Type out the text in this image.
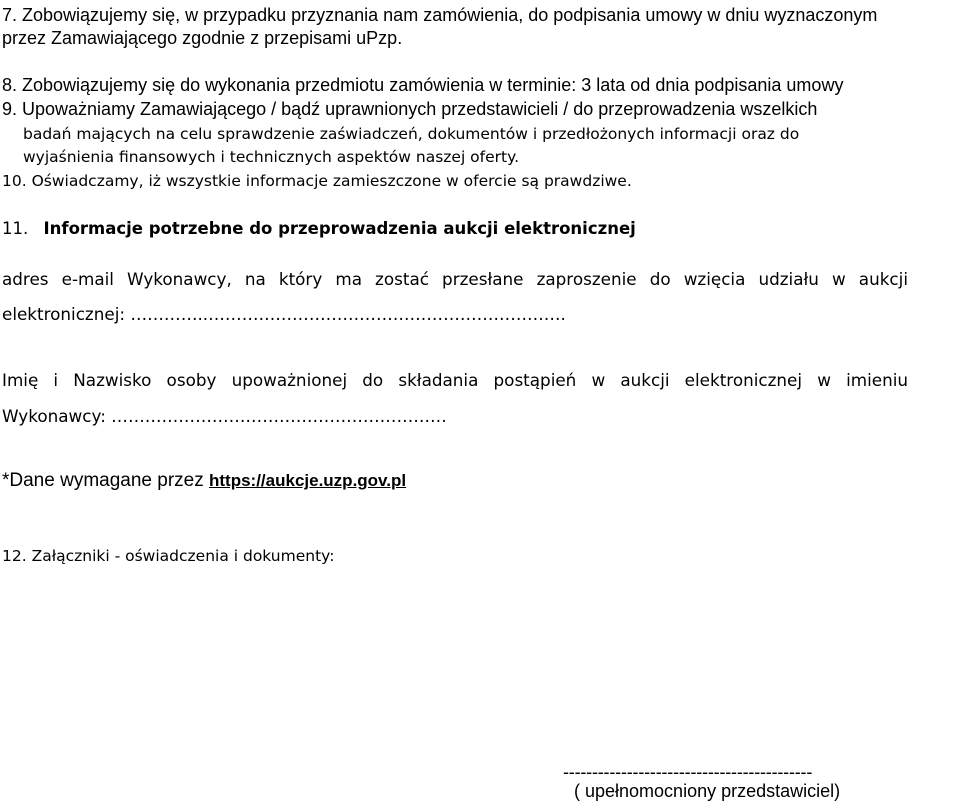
7. Zobowiązujemy się, w przypadku przyznania nam zamówienia, do podpisania umowy w dniu wyznaczonym
przez Zamawiającego zgodnie z przepisami uPzp.
8. Zobowiązujemy się do wykonania przedmiotu zamówienia w terminie: 3 lata od dnia podpisania umowy
9. Upoważniamy Zamawiającego / bądź uprawnionych przedstawicieli / do przeprowadzenia wszelkich
badań mających na celu sprawdzenie zaświadczeń, dokumentów i przedłożonych informacji oraz do
wyjaśnienia finansowych i technicznych aspektów naszej oferty.
10. Oświadczamy, iż wszystkie informacje zamieszczone w ofercie są prawdziwe.
11. Informacje potrzebne do przeprowadzenia aukcji elektronicznej
adres e-mail Wykonawcy, na który ma zostać przesłane zaproszenie do wzięcia udziału w aukcji
elektronicznej: …………..……………………………………………………….
Imię i Nazwisko osoby upoważnionej do składania postąpień w aukcji elektronicznej w imieniu
Wykonawcy: ……………………………………………………
*Dane wymagane przez https://aukcje.uzp.gov.pl
12. Załączniki - oświadczenia i dokumenty:
-------------------------------------------
( upełnomocniony przedstawiciel)
